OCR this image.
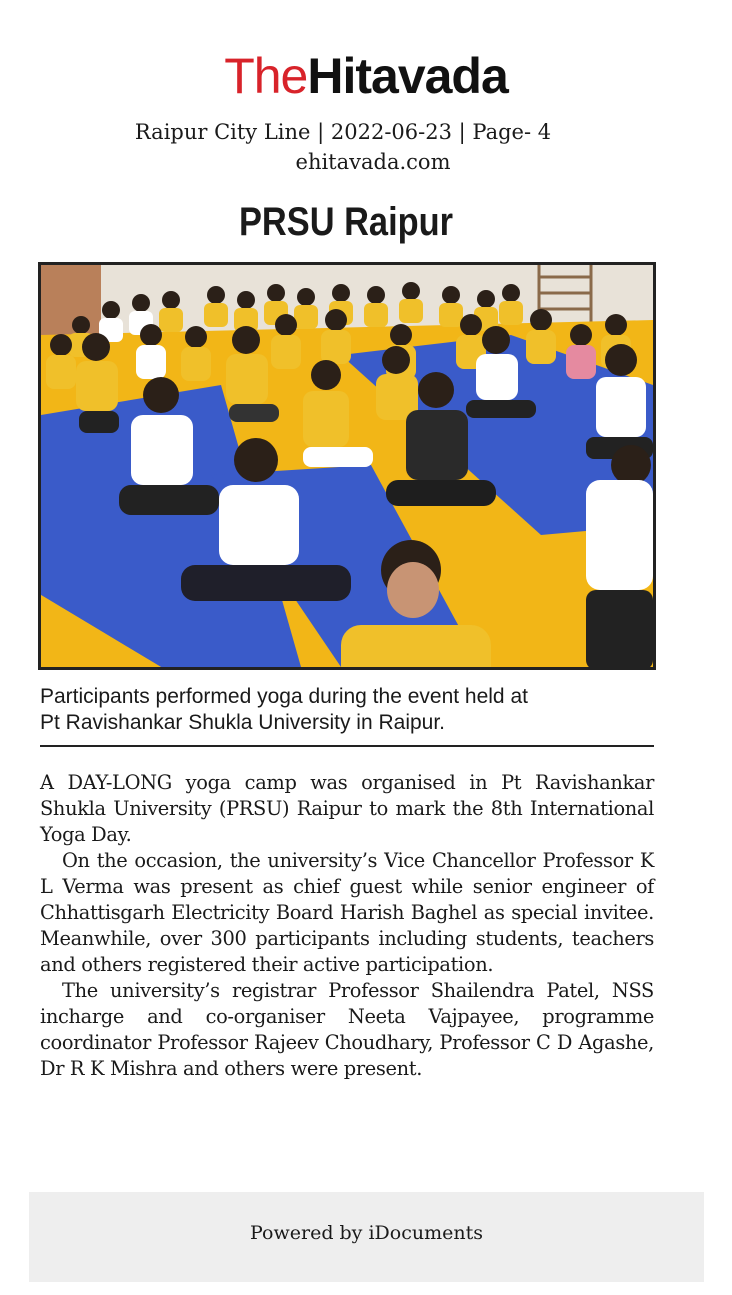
TheHitavada
Raipur City Line | 2022-06-23 | Page- 4
ehitavada.com
PRSU Raipur
Participants performed yoga during the event held at
Pt Ravishankar Shukla University in Raipur.

A DAY-LONG yoga camp was organised in Pt Ravishankar Shukla University (PRSU) Raipur to mark the 8th International Yoga Day.

On the occasion, the university’s Vice Chancellor Professor K L Verma was present as chief guest while senior engineer of Chhattisgarh Electricity Board Harish Baghel as special invitee. Meanwhile, over 300 participants including students, teachers and others registered their active participation.

The university’s registrar Professor Shailendra Patel, NSS incharge and co-organiser Neeta Vajpayee, programme coordinator Professor Rajeev Choudhary, Professor C D Agashe, Dr R K Mishra and others were present.

Powered by iDocuments
